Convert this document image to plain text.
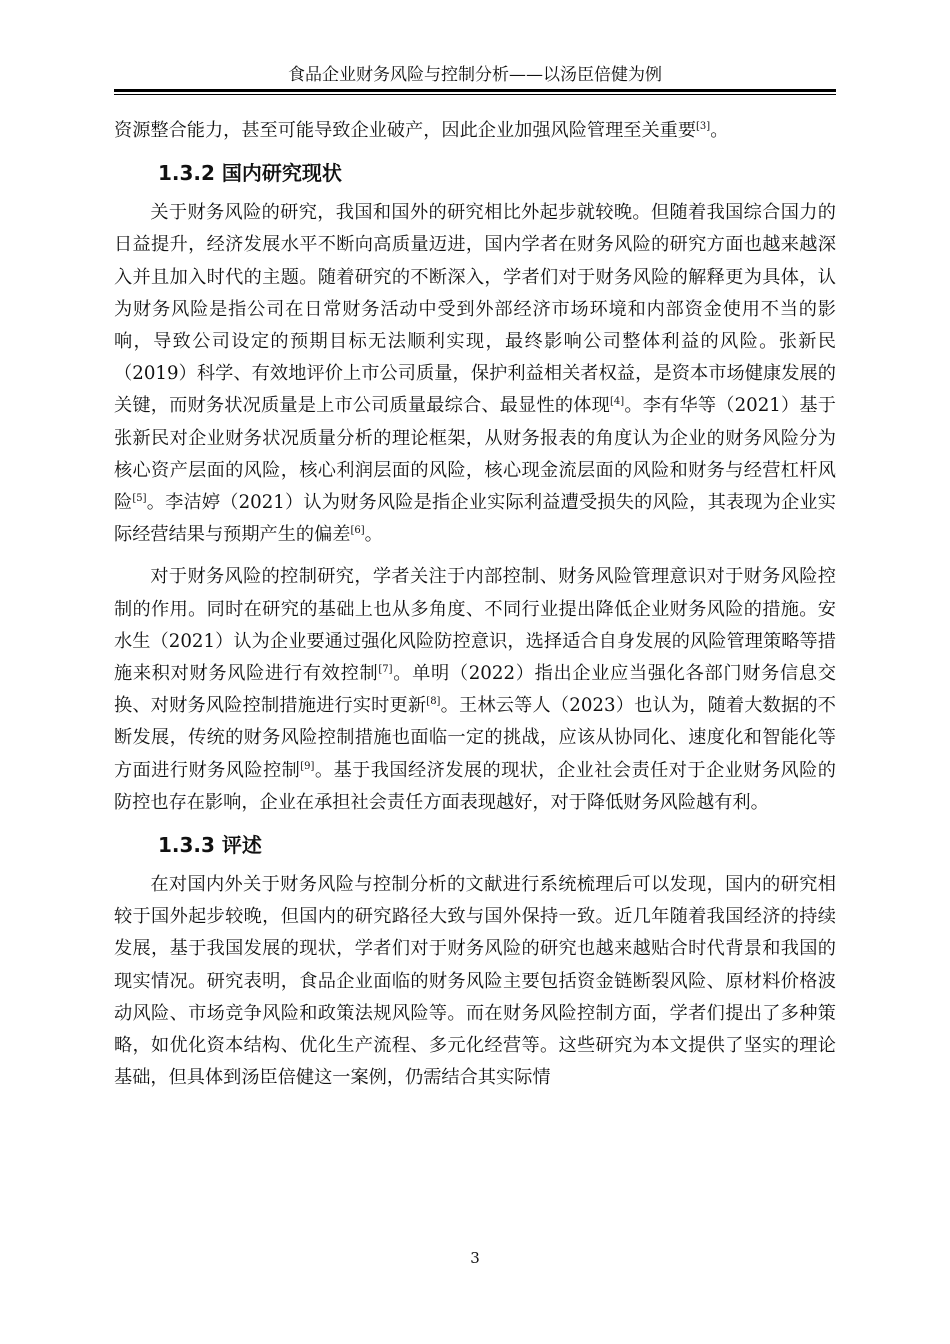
食品企业财务风险与控制分析——以汤臣倍健为例

资源整合能力，甚至可能导致企业破产，因此企业加强风险管理至关重要[3]。

1.3.2 国内研究现状

关于财务风险的研究，我国和国外的研究相比外起步就较晚。但随着我国综合国力的日益提升，经济发展水平不断向高质量迈进，国内学者在财务风险的研究方面也越来越深入并且加入时代的主题。随着研究的不断深入，学者们对于财务风险的解释更为具体，认为财务风险是指公司在日常财务活动中受到外部经济市场环境和内部资金使用不当的影响，导致公司设定的预期目标无法顺利实现，最终影响公司整体利益的风险。张新民（2019）科学、有效地评价上市公司质量，保护利益相关者权益，是资本市场健康发展的关键，而财务状况质量是上市公司质量最综合、最显性的体现[4]。李有华等（2021）基于张新民对企业财务状况质量分析的理论框架，从财务报表的角度认为企业的财务风险分为核心资产层面的风险，核心利润层面的风险，核心现金流层面的风险和财务与经营杠杆风险[5]。李洁婷（2021）认为财务风险是指企业实际利益遭受损失的风险，其表现为企业实际经营结果与预期产生的偏差[6]。

对于财务风险的控制研究，学者关注于内部控制、财务风险管理意识对于财务风险控制的作用。同时在研究的基础上也从多角度、不同行业提出降低企业财务风险的措施。安水生（2021）认为企业要通过强化风险防控意识，选择适合自身发展的风险管理策略等措施来积对财务风险进行有效控制[7]。单明（2022）指出企业应当强化各部门财务信息交换、对财务风险控制措施进行实时更新[8]。王林云等人（2023）也认为，随着大数据的不断发展，传统的财务风险控制措施也面临一定的挑战，应该从协同化、速度化和智能化等方面进行财务风险控制[9]。基于我国经济发展的现状，企业社会责任对于企业财务风险的防控也存在影响，企业在承担社会责任方面表现越好，对于降低财务风险越有利。

1.3.3 评述

在对国内外关于财务风险与控制分析的文献进行系统梳理后可以发现，国内的研究相较于国外起步较晚，但国内的研究路径大致与国外保持一致。近几年随着我国经济的持续发展，基于我国发展的现状，学者们对于财务风险的研究也越来越贴合时代背景和我国的现实情况。研究表明，食品企业面临的财务风险主要包括资金链断裂风险、原材料价格波动风险、市场竞争风险和政策法规风险等。而在财务风险控制方面，学者们提出了多种策略，如优化资本结构、优化生产流程、多元化经营等。这些研究为本文提供了坚实的理论基础，但具体到汤臣倍健这一案例，仍需结合其实际情

3
